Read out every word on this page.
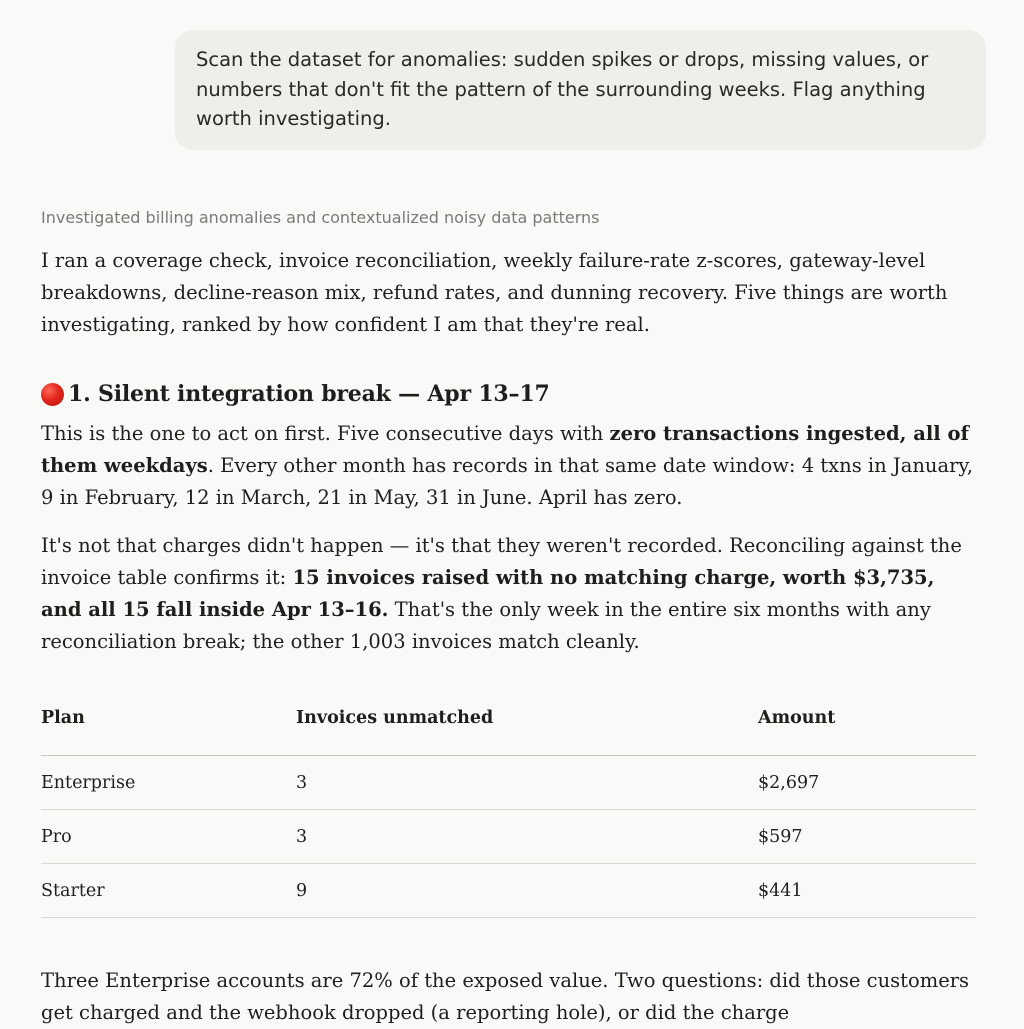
Scan the dataset for anomalies: sudden spikes or drops, missing values, or numbers that don't fit the pattern of the surrounding weeks. Flag anything worth investigating.
Investigated billing anomalies and contextualized noisy data patterns

I ran a coverage check, invoice reconciliation, weekly failure-rate z-scores, gateway-level breakdowns, decline-reason mix, refund rates, and dunning recovery. Five things are worth investigating, ranked by how confident I am that they're real.

1. Silent integration break — Apr 13–17

This is the one to act on first. Five consecutive days with zero transactions ingested, all of them weekdays. Every other month has records in that same date window: 4 txns in January, 9 in February, 12 in March, 21 in May, 31 in June. April has zero.

It's not that charges didn't happen — it's that they weren't recorded. Reconciling against the invoice table confirms it: 15 invoices raised with no matching charge, worth $3,735, and all 15 fall inside Apr 13–16. That's the only week in the entire six months with any reconciliation break; the other 1,003 invoices match cleanly.

Plan	Invoices unmatched	Amount
Enterprise	3	$2,697
Pro	3	$597
Starter	9	$441

Three Enterprise accounts are 72% of the exposed value. Two questions: did those customers get charged and the webhook dropped (a reporting hole), or did the charge
